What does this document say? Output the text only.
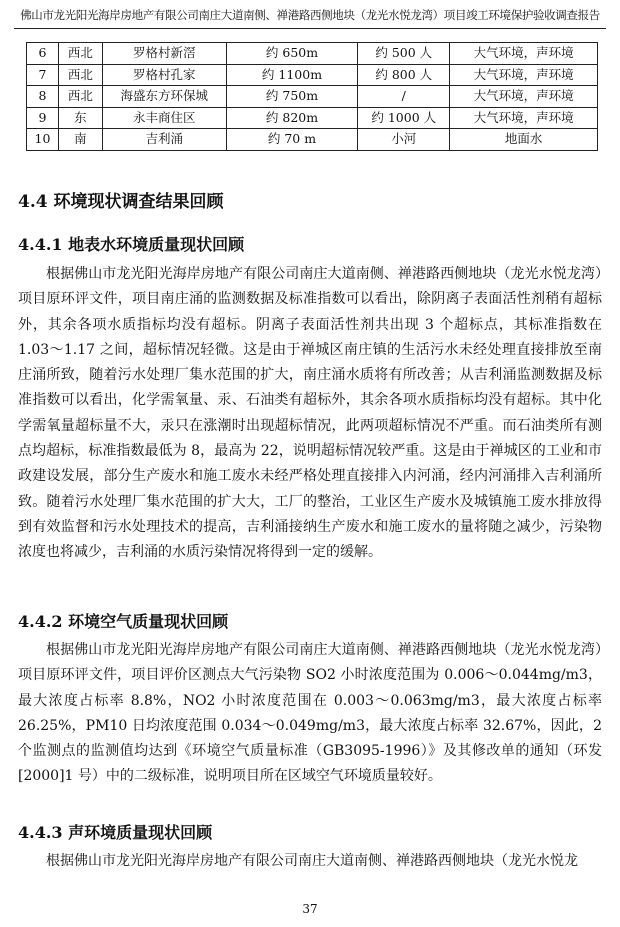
佛山市龙光阳光海岸房地产有限公司南庄大道南侧、禅港路西侧地块（龙光水悦龙湾）项目竣工环境保护验收调查报告
6	西北	罗格村新滘	约 650m	约 500 人	大气环境，声环境
7	西北	罗格村孔家	约 1100m	约 800 人	大气环境，声环境
8	西北	海盛东方环保城	约 750m	/	大气环境，声环境
9	东	永丰商住区	约 820m	约 1000 人	大气环境，声环境
10	南	吉利涌	约 70 m	小河	地面水
4.4 环境现状调查结果回顾
4.4.1 地表水环境质量现状回顾

根据佛山市龙光阳光海岸房地产有限公司南庄大道南侧、禅港路西侧地块（龙光水悦龙湾）项目原环评文件，项目南庄涌的监测数据及标准指数可以看出，除阴离子表面活性剂稍有超标外，其余各项水质指标均没有超标。阴离子表面活性剂共出现 3 个超标点，其标准指数在 1.03～1.17 之间，超标情况轻微。这是由于禅城区南庄镇的生活污水未经处理直接排放至南庄涌所致，随着污水处理厂集水范围的扩大，南庄涌水质将有所改善；从吉利涌监测数据及标准指数可以看出，化学需氧量、汞、石油类有超标外，其余各项水质指标均没有超标。其中化学需氧量超标量不大，汞只在涨潮时出现超标情况，此两项超标情况不严重。而石油类所有测点均超标，标准指数最低为 8，最高为 22，说明超标情况较严重。这是由于禅城区的工业和市政建设发展，部分生产废水和施工废水未经严格处理直接排入内河涌，经内河涌排入吉利涌所致。随着污水处理厂集水范围的扩大大，工厂的整治，工业区生产废水及城镇施工废水排放得到有效监督和污水处理技术的提高，吉利涌接纳生产废水和施工废水的量将随之减少，污染物浓度也将减少，吉利涌的水质污染情况将得到一定的缓解。

4.4.2 环境空气质量现状回顾

根据佛山市龙光阳光海岸房地产有限公司南庄大道南侧、禅港路西侧地块（龙光水悦龙湾）项目原环评文件，项目评价区测点大气污染物 SO2 小时浓度范围为 0.006～0.044mg/m3，最大浓度占标率 8.8%，NO2 小时浓度范围在 0.003～0.063mg/m3，最大浓度占标率 26.25%，PM10 日均浓度范围 0.034～0.049mg/m3，最大浓度占标率 32.67%，因此，2 个监测点的监测值均达到《环境空气质量标准（GB3095-1996）》及其修改单的通知（环发[2000]1 号）中的二级标准，说明项目所在区域空气环境质量较好。

4.4.3 声环境质量现状回顾

根据佛山市龙光阳光海岸房地产有限公司南庄大道南侧、禅港路西侧地块（龙光水悦龙

37
